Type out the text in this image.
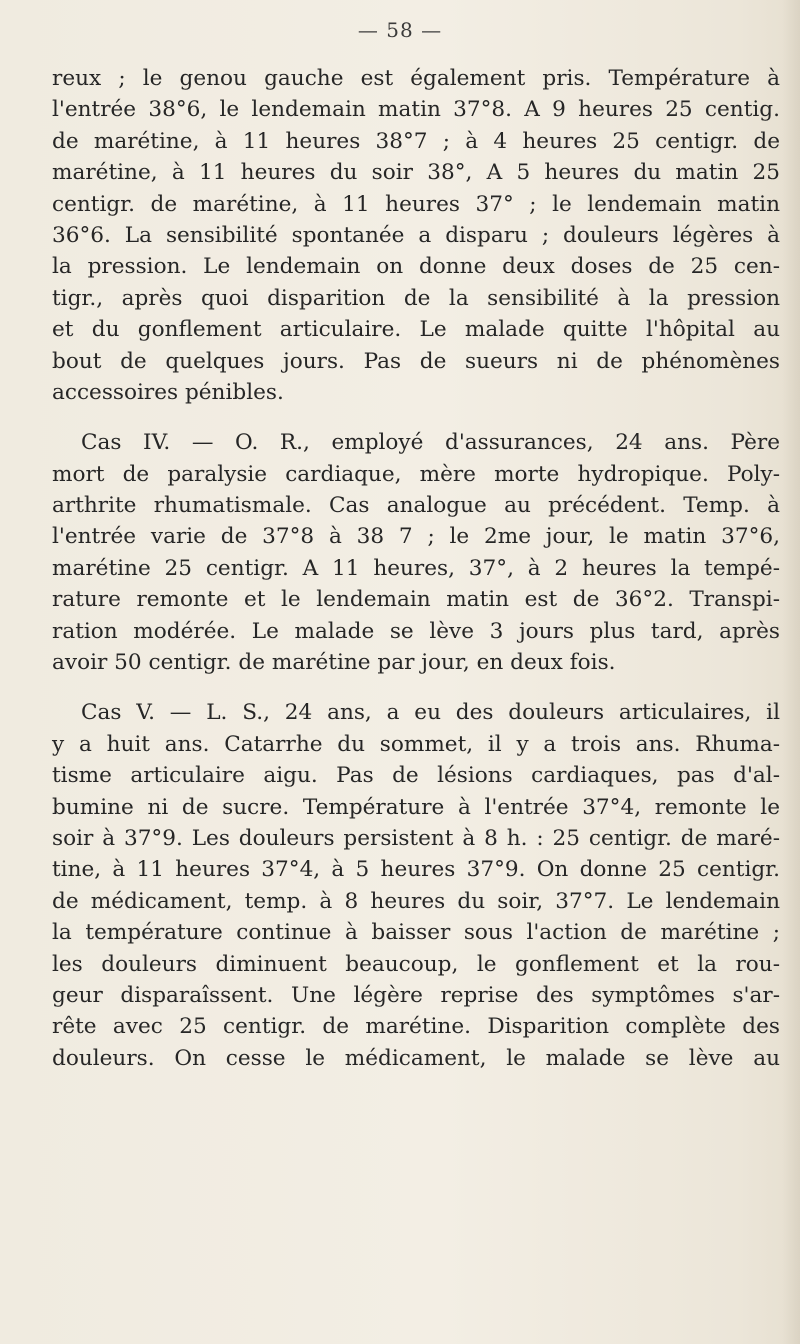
— 58 —
reux ; le genou gauche est également pris. Température à
l'entrée 38°6, le lendemain matin 37°8. A 9 heures 25 centig.
de marétine, à 11 heures 38°7 ; à 4 heures 25 centigr. de
marétine, à 11 heures du soir 38°, A 5 heures du matin 25
centigr. de marétine, à 11 heures 37° ; le lendemain matin
36°6. La sensibilité spontanée a disparu ; douleurs légères à
la pression. Le lendemain on donne deux doses de 25 cen-
tigr., après quoi disparition de la sensibilité à la pression
et du gonflement articulaire. Le malade quitte l'hôpital au
bout de quelques jours. Pas de sueurs ni de phénomènes
accessoires pénibles.
Cas IV. — O. R., employé d'assurances, 24 ans. Père
mort de paralysie cardiaque, mère morte hydropique. Poly-
arthrite rhumatismale. Cas analogue au précédent. Temp. à
l'entrée varie de 37°8 à 38 7 ; le 2me jour, le matin 37°6,
marétine 25 centigr. A 11 heures, 37°, à 2 heures la tempé-
rature remonte et le lendemain matin est de 36°2. Transpi-
ration modérée. Le malade se lève 3 jours plus tard, après
avoir 50 centigr. de marétine par jour, en deux fois.
Cas V. — L. S., 24 ans, a eu des douleurs articulaires, il
y a huit ans. Catarrhe du sommet, il y a trois ans. Rhuma-
tisme articulaire aigu. Pas de lésions cardiaques, pas d'al-
bumine ni de sucre. Température à l'entrée 37°4, remonte le
soir à 37°9. Les douleurs persistent à 8 h. : 25 centigr. de maré-
tine, à 11 heures 37°4, à 5 heures 37°9. On donne 25 centigr.
de médicament, temp. à 8 heures du soir, 37°7. Le lendemain
la température continue à baisser sous l'action de marétine ;
les douleurs diminuent beaucoup, le gonflement et la rou-
geur disparaîssent. Une légère reprise des symptômes s'ar-
rête avec 25 centigr. de marétine. Disparition complète des
douleurs. On cesse le médicament, le malade se lève au
